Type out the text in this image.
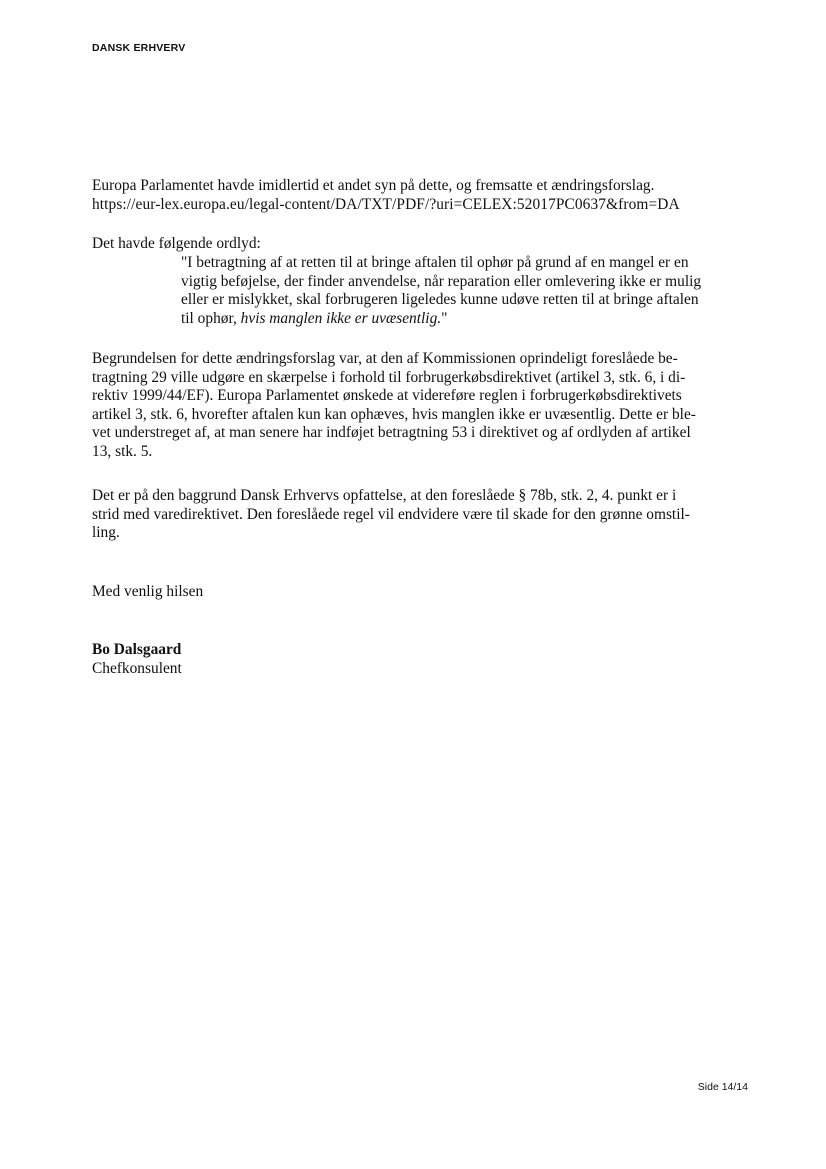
DANSK ERHVERV
Europa Parlamentet havde imidlertid et andet syn på dette, og fremsatte et ændringsforslag.
https://eur-lex.europa.eu/legal-content/DA/TXT/PDF/?uri=CELEX:52017PC0637&from=DA
Det havde følgende ordlyd:
"I betragtning af at retten til at bringe aftalen til ophør på grund af en mangel er en
vigtig beføjelse, der finder anvendelse, når reparation eller omlevering ikke er mulig
eller er mislykket, skal forbrugeren ligeledes kunne udøve retten til at bringe aftalen
til ophør, hvis manglen ikke er uvæsentlig."
Begrundelsen for dette ændringsforslag var, at den af Kommissionen oprindeligt foreslåede be-
tragtning 29 ville udgøre en skærpelse i forhold til forbrugerkøbsdirektivet (artikel 3, stk. 6, i di-
rektiv 1999/44/EF). Europa Parlamentet ønskede at videreføre reglen i forbrugerkøbsdirektivets
artikel 3, stk. 6, hvorefter aftalen kun kan ophæves, hvis manglen ikke er uvæsentlig. Dette er ble-
vet understreget af, at man senere har indføjet betragtning 53 i direktivet og af ordlyden af artikel
13, stk. 5.
Det er på den baggrund Dansk Erhvervs opfattelse, at den foreslåede § 78b, stk. 2, 4. punkt er i
strid med varedirektivet. Den foreslåede regel vil endvidere være til skade for den grønne omstil-
ling.
Med venlig hilsen
Bo Dalsgaard
Chefkonsulent
Side 14/14
